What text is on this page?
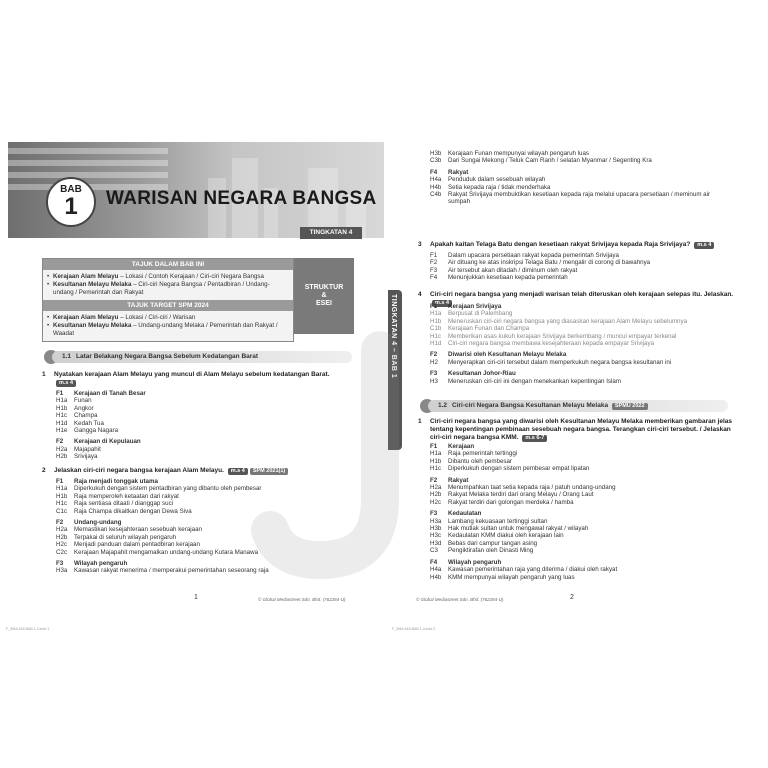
BAB
1 WARISAN NEGARA BANGSA
TINGKATAN 4
TAJUK DALAM BAB INI
• Kerajaan Alam Melayu – Lokasi / Contoh Kerajaan / Ciri-ciri Negara Bangsa
• Kesultanan Melayu Melaka – Ciri-ciri Negara Bangsa / Pentadbiran / Undang-undang / Pemerintah dan Rakyat
TAJUK TARGET SPM 2024
• Kerajaan Alam Melayu – Lokasi / Ciri-ciri / Warisan
• Kesultanan Melayu Melaka – Undang-undang Melaka / Pemerintah dan Rakyat / Waadat
STRUKTUR
&
ESEI
1.1 Latar Belakang Negara Bangsa Sebelum Kedatangan Barat
1	Nyatakan kerajaan Alam Melayu yang muncul di Alam Melayu sebelum kedatangan Barat. m.s 4
F1	Kerajaan di Tanah Besar
H1a	Funan
H1b	Angkor
H1c	Champa
H1d	Kedah Tua
H1e	Gangga Nagara
F2	Kerajaan di Kepulauan
H2a	Majapahit
H2b	Srivijaya
2	Jelaskan ciri-ciri negara bangsa kerajaan Alam Melayu. m.s 4 SPM 2021(1)
F1	Raja menjadi tonggak utama
H1a	Diperkukuh dengan sistem pentadbiran yang dibantu oleh pembesar
H1b	Raja memperoleh ketaatan dari rakyat
H1c	Raja sentiasa ditaati / dianggap suci
C1c	Raja Champa dikaitkan dengan Dewa Siva
F2	Undang-undang
H2a	Memastikan kesejahteraan sesebuah kerajaan
H2b	Terpakai di seluruh wilayah pengaruh
H2c	Menjadi panduan dalam pentadbiran kerajaan
C2c	Kerajaan Majapahit mengamalkan undang-undang Kutara Manawa
F3	Wilayah pengaruh
H3a	Kawasan rakyat menerima / memperakui pemerintahan seseorang raja
1	© Global Mediastreet Sdn. Bhd. (762284-U)
F_SMA 4&5 BAB 1-4.indd 1
TINGKATAN 4 – BAB 1
H3b	Kerajaan Funan mempunyai wilayah pengaruh luas
C3b	Dari Sungai Mekong / Teluk Cam Ranh / selatan Myanmar / Segenting Kra
F4	Rakyat
H4a	Penduduk dalam sesebuah wilayah
H4b	Setia kepada raja / tidak menderhaka
C4b	Rakyat Srivijaya membuktikan kesetiaan kepada raja melalui upacara persetiaan / meminum air sumpah
3	Apakah kaitan Telaga Batu dengan kesetiaan rakyat Srivijaya kepada Raja Srivijaya? m.s 4
F1	Dalam upacara persetiaan rakyat kepada pemerintah Srivijaya
F2	Air dituang ke atas inskripsi Telaga Batu / mengalir di corong di bawahnya
F3	Air tersebut akan ditadah / diminum oleh rakyat
F4	Menunjukkan kesetiaan kepada pemerintah
4	Ciri-ciri negara bangsa yang menjadi warisan telah diteruskan oleh kerajaan selepas itu. Jelaskan. m.s 4
F1	Kerajaan Srivijaya
H1a	Berpusat di Palembang
H1b	Meneruskan ciri-ciri negara bangsa yang diasaskan kerajaan Alam Melayu sebelumnya
C1b	Kerajaan Funan dan Champa
H1c	Memberikan asas kukuh kerajaan Srivijaya berkembang / muncul empayar terkenal
H1d	Ciri-ciri negara bangsa membawa kesejahteraan kepada empayar Srivijaya
F2	Diwarisi oleh Kesultanan Melayu Melaka
H2	Menyerapkan ciri-ciri tersebut dalam memperkukuh negara bangsa kesultanan ini
F3	Kesultanan Johor-Riau
H3	Meneruskan ciri-ciri ini dengan menekankan kepentingan Islam
1.2 Ciri-ciri Negara Bangsa Kesultanan Melayu Melaka SPMU 2022
1	Ciri-ciri negara bangsa yang diwarisi oleh Kesultanan Melayu Melaka memberikan gambaran jelas tentang kepentingan pembinaan sesebuah negara bangsa. Terangkan ciri-ciri tersebut. / Jelaskan ciri-ciri negara bangsa KMM. m.s 6-7
F1	Kerajaan
H1a	Raja pemerintah tertinggi
H1b	Dibantu oleh pembesar
H1c	Diperkukuh dengan sistem pembesar empat lipatan
F2	Rakyat
H2a	Menumpahkan taat setia kepada raja / patuh undang-undang
H2b	Rakyat Melaka terdiri dari orang Melayu / Orang Laut
H2c	Rakyat terdiri dari golongan merdeka / hamba
F3	Kedaulatan
H3a	Lambang kekuasaan tertinggi sultan
H3b	Hak mutlak sultan untuk mengawal rakyat / wilayah
H3c	Kedaulatan KMM diakui oleh kerajaan lain
H3d	Bebas dari campur tangan asing
C3	Pengiktirafan oleh Dinasti Ming
F4	Wilayah pengaruh
H4a	Kawasan pemerintahan raja yang diterima / diakui oleh rakyat
H4b	KMM mempunyai wilayah pengaruh yang luas
© Global Mediastreet Sdn. Bhd. (762284-U)	2
F_SMA 4&5 BAB 1-4.indd 2
